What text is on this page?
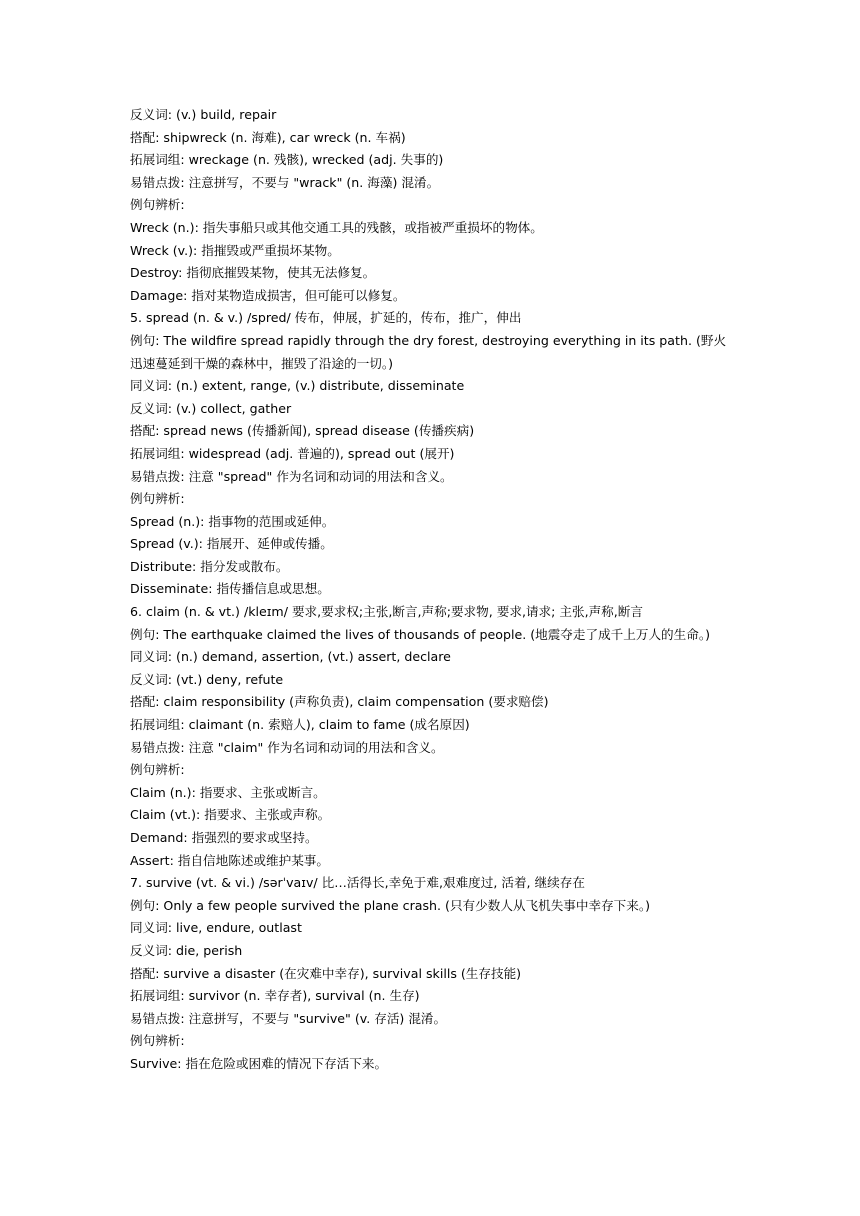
反义词: (v.) build, repair
搭配: shipwreck (n. 海难), car wreck (n. 车祸)
拓展词组: wreckage (n. 残骸), wrecked (adj. 失事的)
易错点拨: 注意拼写，不要与 "wrack" (n. 海藻) 混淆。
例句辨析:
Wreck (n.): 指失事船只或其他交通工具的残骸，或指被严重损坏的物体。
Wreck (v.): 指摧毁或严重损坏某物。
Destroy: 指彻底摧毁某物，使其无法修复。
Damage: 指对某物造成损害，但可能可以修复。
5. spread (n. & v.) /spred/ 传布，伸展，扩延的，传布，推广，伸出
例句: The wildfire spread rapidly through the dry forest, destroying everything in its path. (野火迅速蔓延到干燥的森林中，摧毁了沿途的一切。)
同义词: (n.) extent, range, (v.) distribute, disseminate
反义词: (v.) collect, gather
搭配: spread news (传播新闻), spread disease (传播疾病)
拓展词组: widespread (adj. 普遍的), spread out (展开)
易错点拨: 注意 "spread" 作为名词和动词的用法和含义。
例句辨析:
Spread (n.): 指事物的范围或延伸。
Spread (v.): 指展开、延伸或传播。
Distribute: 指分发或散布。
Disseminate: 指传播信息或思想。
6. claim (n. & vt.) /kleɪm/ 要求,要求权;主张,断言,声称;要求物, 要求,请求; 主张,声称,断言
例句: The earthquake claimed the lives of thousands of people. (地震夺走了成千上万人的生命。)
同义词: (n.) demand, assertion, (vt.) assert, declare
反义词: (vt.) deny, refute
搭配: claim responsibility (声称负责), claim compensation (要求赔偿)
拓展词组: claimant (n. 索赔人), claim to fame (成名原因)
易错点拨: 注意 "claim" 作为名词和动词的用法和含义。
例句辨析:
Claim (n.): 指要求、主张或断言。
Claim (vt.): 指要求、主张或声称。
Demand: 指强烈的要求或坚持。
Assert: 指自信地陈述或维护某事。
7. survive (vt. & vi.) /sərˈvaɪv/ 比…活得长,幸免于难,艰难度过, 活着, 继续存在
例句: Only a few people survived the plane crash. (只有少数人从飞机失事中幸存下来。)
同义词: live, endure, outlast
反义词: die, perish
搭配: survive a disaster (在灾难中幸存), survival skills (生存技能)
拓展词组: survivor (n. 幸存者), survival (n. 生存)
易错点拨: 注意拼写，不要与 "survive" (v. 存活) 混淆。
例句辨析:
Survive: 指在危险或困难的情况下存活下来。
